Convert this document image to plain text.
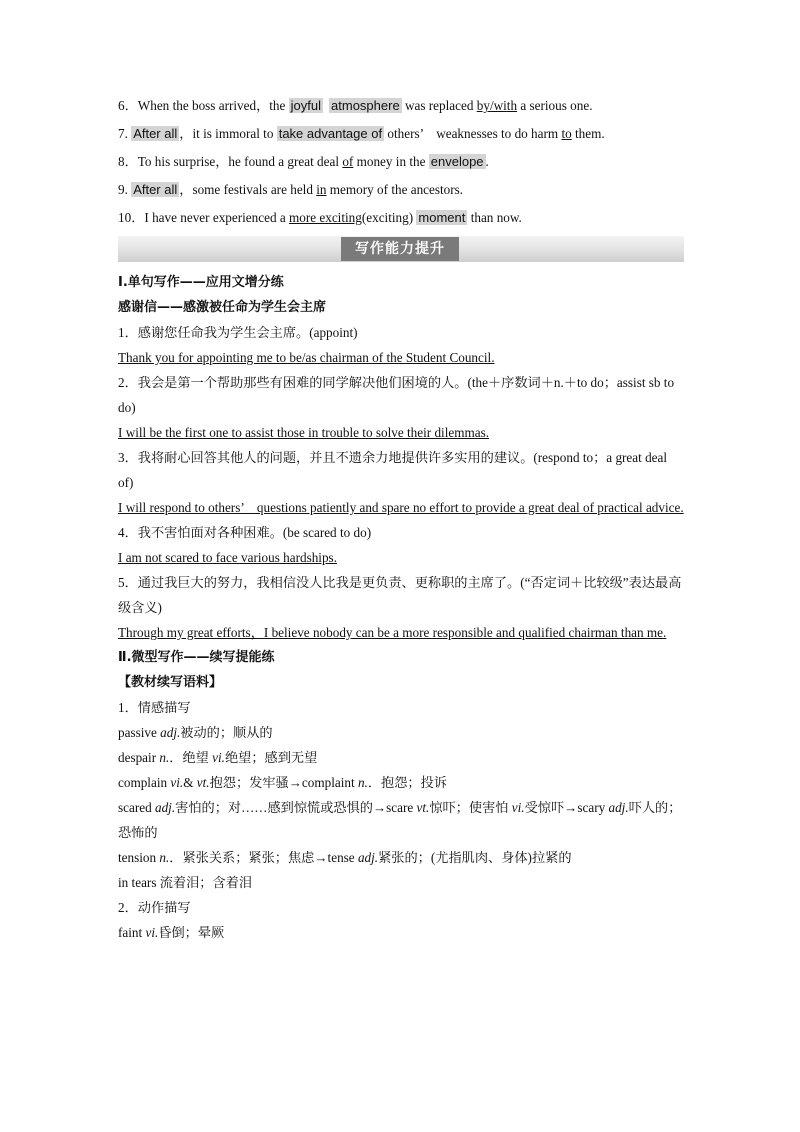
6．When the boss arrived，the joyful atmosphere was replaced by/with a serious one.
7. After all ，it is immoral to take advantage of others’　weaknesses to do harm to them.
8．To his surprise，he found a great deal of money in the envelope .
9. After all ，some festivals are held in memory of the ancestors.
10．I have never experienced a more exciting(exciting) moment than now.
写作能力提升
Ⅰ.单句写作——应用文增分练
感谢信——感激被任命为学生会主席
1．感谢您任命我为学生会主席。(appoint)
Thank you for appointing me to be/as chairman of the Student Council.
2．我会是第一个帮助那些有困难的同学解决他们困境的人。(the＋序数词＋n.＋to do；assist sb to do)
I will be the first one to assist those in trouble to solve their dilemmas.
3．我将耐心回答其他人的问题，并且不遗余力地提供许多实用的建议。(respond to；a great deal of)
I will respond to others’　questions patiently and spare no effort to provide a great deal of practical advice.
4．我不害怕面对各种困难。(be scared to do)
I am not scared to face various hardships.
5．通过我巨大的努力，我相信没人比我是更负责、更称职的主席了。(“否定词＋比较级”表达最高级含义)
Through my great efforts，I believe nobody can be a more responsible and qualified chairman than me.
Ⅱ.微型写作——续写提能练
【教材续写语料】
1．情感描写
passive adj.被动的；顺从的
despair n.．绝望 vi.绝望；感到无望
complain vi.& vt.抱怨；发牢骚→complaint n.．抱怨；投诉
scared adj.害怕的；对……感到惊慌或恐惧的→scare vt.惊吓；使害怕 vi.受惊吓→scary adj.吓人的；恐怖的
tension n.．紧张关系；紧张；焦虑→tense adj.紧张的；(尤指肌肉、身体)拉紧的
in tears 流着泪；含着泪
2．动作描写
faint vi.昏倒；晕厥
